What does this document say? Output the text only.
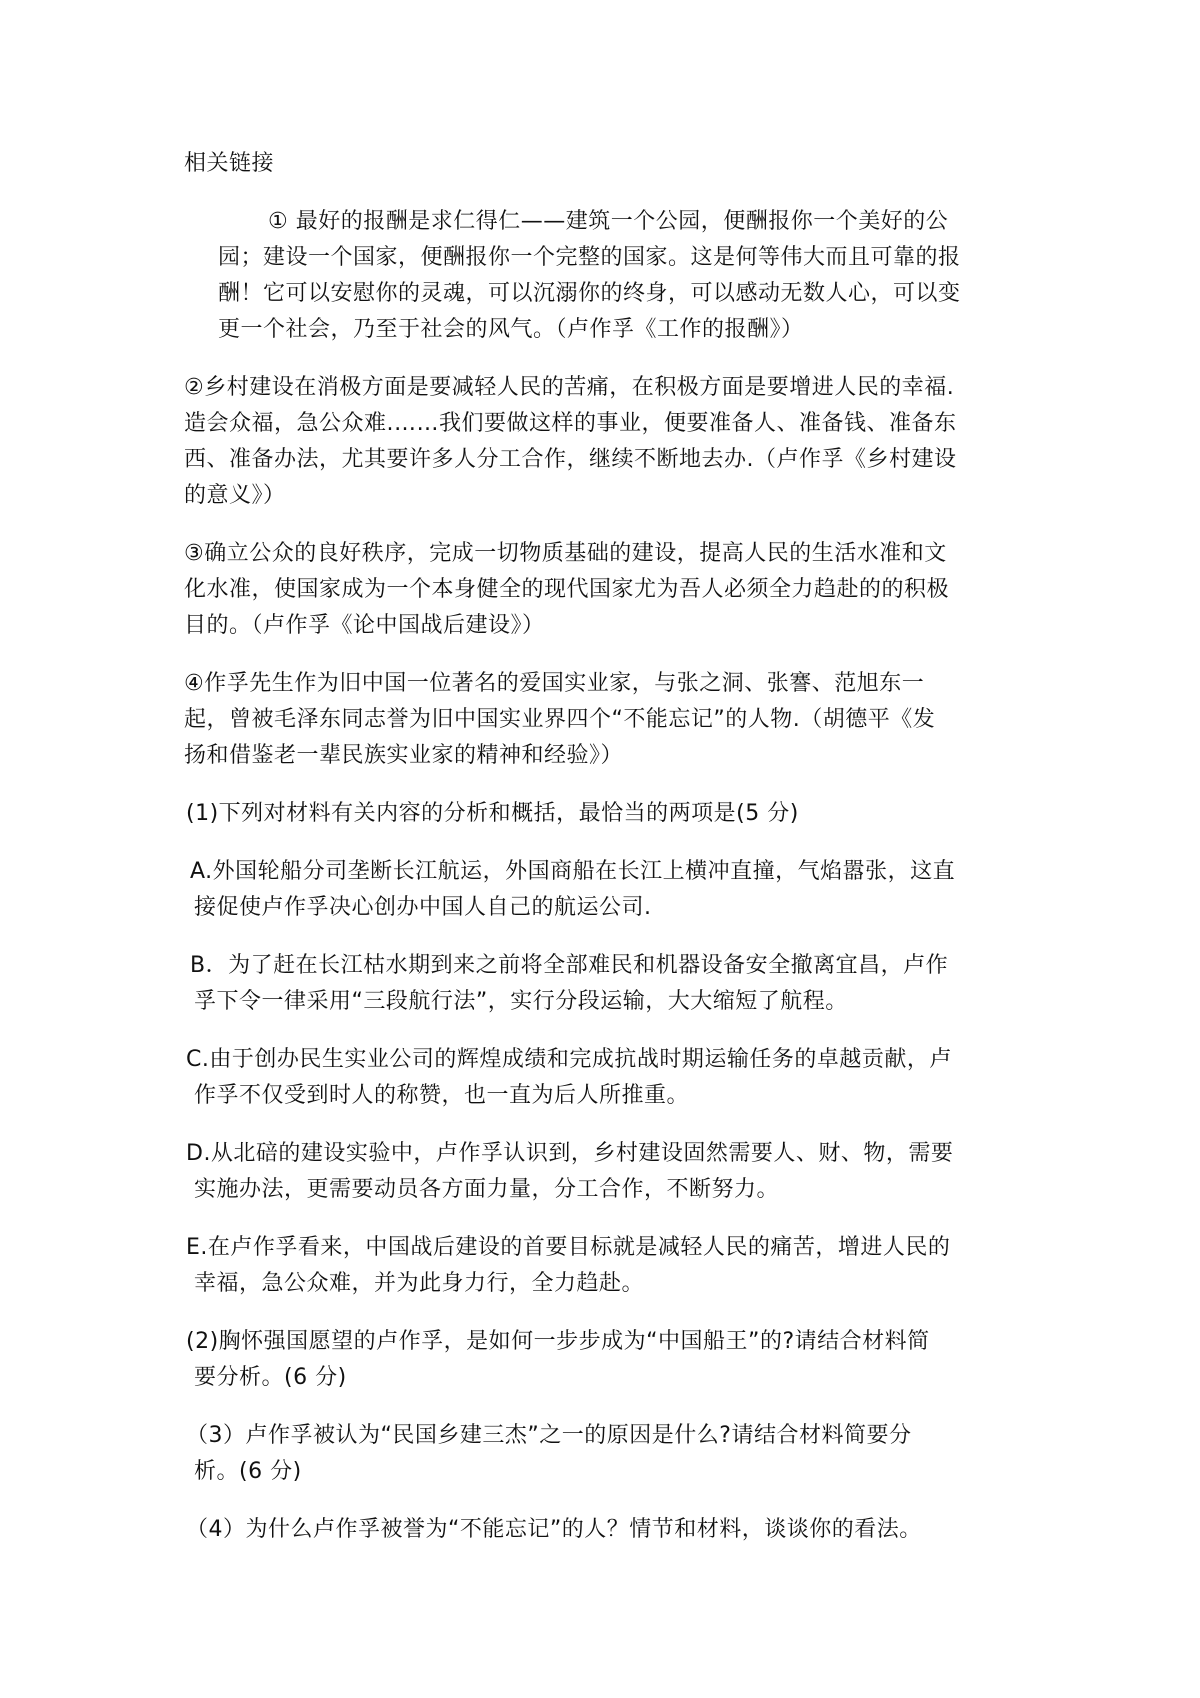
相关链接
① 最好的报酬是求仁得仁——建筑一个公园，便酬报你一个美好的公
园；建设一个国家，便酬报你一个完整的国家。这是何等伟大而且可靠的报
酬！它可以安慰你的灵魂，可以沉溺你的终身，可以感动无数人心，可以变
更一个社会，乃至于社会的风气。（卢作孚《工作的报酬》）
②乡村建设在消极方面是要减轻人民的苦痛，在积极方面是要增进人民的幸福.
造会众福，急公众难.……我们要做这样的事业，便要准备人、准备钱、准备东
西、准备办法，尤其要许多人分工合作，继续不断地去办.（卢作孚《乡村建设
的意义》）
③确立公众的良好秩序，完成一切物质基础的建设，提高人民的生活水准和文
化水准，使国家成为一个本身健全的现代国家尤为吾人必须全力趋赴的的积极
目的。（卢作孚《论中国战后建设》）
④作孚先生作为旧中国一位著名的爱国实业家，与张之洞、张謇、范旭东一
起，曾被毛泽东同志誉为旧中国实业界四个“不能忘记”的人物.（胡德平《发
扬和借鉴老一辈民族实业家的精神和经验》）
(1)下列对材料有关内容的分析和概括，最恰当的两项是(5 分)
A.外国轮船分司垄断长江航运，外国商船在长江上横冲直撞，气焰嚣张，这直
接促使卢作孚决心创办中国人自己的航运公司.
B．为了赶在长江枯水期到来之前将全部难民和机器设备安全撤离宜昌，卢作
孚下令一律采用“三段航行法”，实行分段运输，大大缩短了航程。
C.由于创办民生实业公司的辉煌成绩和完成抗战时期运输任务的卓越贡献，卢
作孚不仅受到时人的称赞，也一直为后人所推重。
D.从北碚的建设实验中，卢作孚认识到，乡村建设固然需要人、财、物，需要
实施办法，更需要动员各方面力量，分工合作，不断努力。
E.在卢作孚看来，中国战后建设的首要目标就是减轻人民的痛苦，增进人民的
幸福，急公众难，并为此身力行，全力趋赴。
(2)胸怀强国愿望的卢作孚，是如何一步步成为“中国船王”的?请结合材料简
要分析。(6 分)
（3）卢作孚被认为“民国乡建三杰”之一的原因是什么?请结合材料简要分
析。(6 分)
（4）为什么卢作孚被誉为“不能忘记”的人？情节和材料，谈谈你的看法。
